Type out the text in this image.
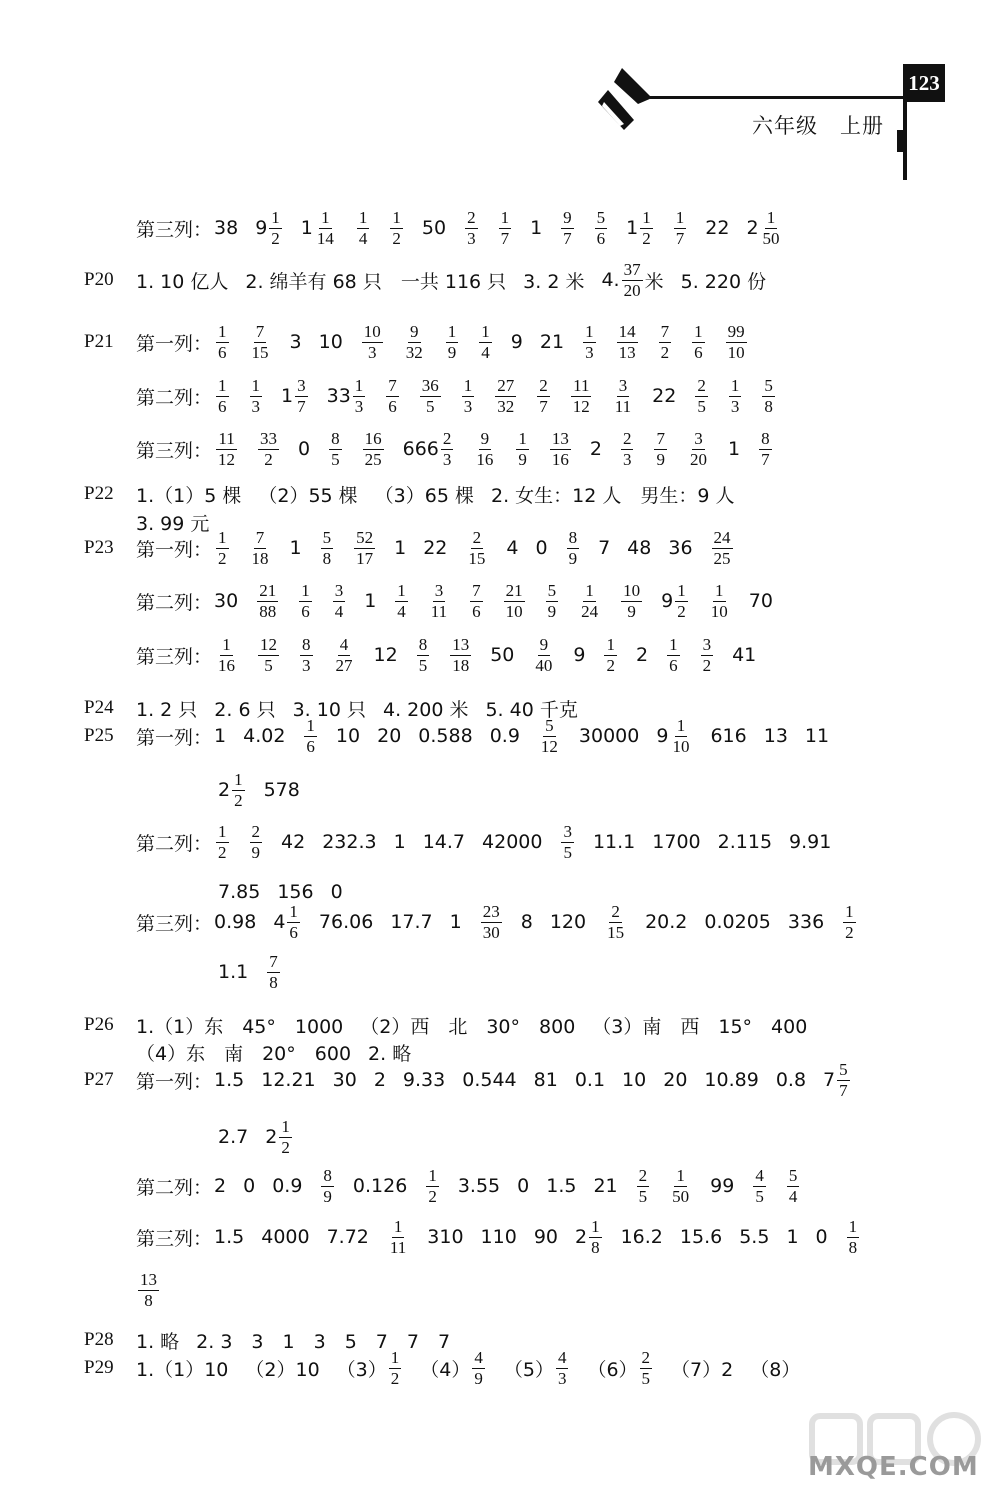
123
六年级　上册
第三列： 38 $9 \frac{1}{2} 1 \frac{1}{14} \frac{1}{4} \frac{1}{2} 50 \frac{2}{3} \frac{1}{7} 1 \frac{9}{7} \frac{5}{6} 1 \frac{1}{2} \frac{1}{7} 22$ $2 \frac{1}{50}$
P20	1. 10 亿人 2. 绵羊有 68 只　一共 116 只 3. 2 米 4. $\frac{37}{20}$ 米 5. 220 份
P21	第一列： $\frac{1}{6} \frac{7}{15} 3$ $10 \frac{10}{3} \frac{9}{32} \frac{1}{9} \frac{1}{4} 9$ $21 \frac{1}{3} \frac{14}{13} \frac{7}{2} \frac{1}{6} \frac{99}{10}$
第二列： $\frac{1}{6} \frac{1}{3} 1 \frac{3}{7} 33 \frac{1}{3} \frac{7}{6} \frac{36}{5} \frac{1}{3} \frac{27}{32} \frac{2}{7} \frac{11}{12} \frac{3}{11} 22 \frac{2}{5} \frac{1}{3} \frac{5}{8}$
第三列： $\frac{11}{12} \frac{33}{2} 0 \frac{8}{5} \frac{16}{25} 666 \frac{2}{3} \frac{9}{16} \frac{1}{9} \frac{13}{16} 2 \frac{2}{3} \frac{7}{9} \frac{3}{20} 1 \frac{8}{7}$
P22	1.（1）5 棵 （2）55 棵 （3）65 棵 2. 女生：12 人　男生：9 人
3. 99 元
P23	第一列： $\frac{1}{2} \frac{7}{18} 1 \frac{5}{8} \frac{52}{17} 1$ $22 \frac{2}{15} 4$ $0 \frac{8}{9} 7$ 48 $36 \frac{24}{25}$
第二列： $30 \frac{21}{88} \frac{1}{6} \frac{3}{4} 1 \frac{1}{4} \frac{3}{11} \frac{7}{6} \frac{21}{10} \frac{5}{9} \frac{1}{24} \frac{10}{9} 9 \frac{1}{2} \frac{1}{10} 70$
第三列： $\frac{1}{16} \frac{12}{5} \frac{8}{3} \frac{4}{27} 12 \frac{8}{5} \frac{13}{18} 50 \frac{9}{40} 9 \frac{1}{2} 2 \frac{1}{6} \frac{3}{2} 41$
P24	1. 2 只 2. 6 只 3. 10 只 4. 200 米 5. 40 千克
P25	第一列： 1 $4.02 \frac{1}{6} 10$ 20 0.588 $0.9 \frac{5}{12} 30000$ $9 \frac{1}{10} 616$ 13 11
$2 \frac{1}{2} 578$
第二列： $\frac{1}{2} \frac{2}{9} 42$ 232.3 1 14.7 $42000 \frac{3}{5} 11.1$ 1700 2.115 9.91
7.85 156 0
第三列： 0.98 $4 \frac{1}{6} 76.06$ 17.7 $1 \frac{23}{30} 8$ $120 \frac{2}{15} 20.2$ 0.0205 $336 \frac{1}{2}$
$1.1 \frac{7}{8}$
P26	1.（1）东　45°　1000 （2）西　北　30°　800 （3）南　西　15°　400
（4）东　南　20°　600 2. 略
P27	第一列： 1.5 12.21 30 2 9.33 0.544 81 0.1 10 20 10.89 0.8 $7 \frac{5}{7}$
2.7 $2 \frac{1}{2}$
第二列： 2 0 $0.9 \frac{8}{9} 0.126 \frac{1}{2} 3.55$ 0 1.5 $21 \frac{2}{5} \frac{1}{50} 99 \frac{4}{5} \frac{5}{4}$
第三列： 1.5 4000 $7.72 \frac{1}{11} 310$ 110 90 $2 \frac{1}{8} 16.2$ 15.6 5.5 1 $0 \frac{1}{8}$
$\frac{13}{8}$
P28	1. 略 2. 3　3　1　3　5　7　7　7
P29	1.（1）10 （2）10 $(3) \frac{1}{2} (4) \frac{4}{9} (5) \frac{4}{3} (6) \frac{2}{5} (7)2$ （8）
MXQE.COM
